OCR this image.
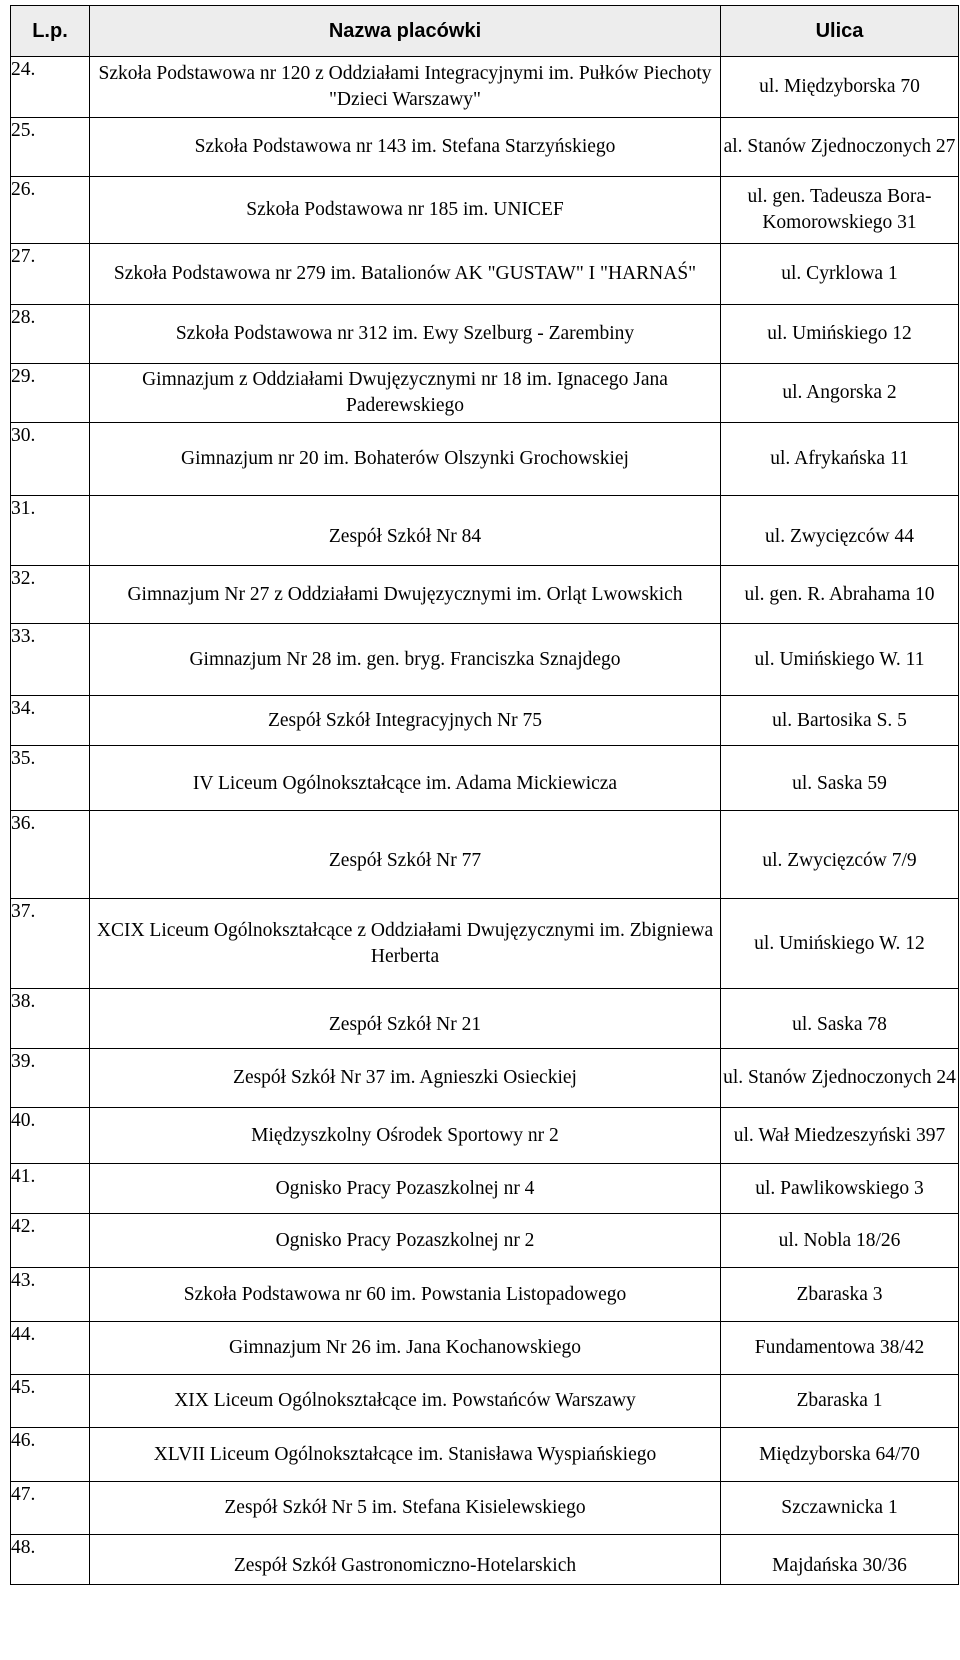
L.p.	Nazwa placówki	Ulica
24.	Szkoła Podstawowa nr 120 z Oddziałami Integracyjnymi im. Pułków Piechoty "Dzieci Warszawy"	ul. Międzyborska 70
25.	Szkoła Podstawowa nr 143 im. Stefana Starzyńskiego	al. Stanów Zjednoczonych 27
26.	Szkoła Podstawowa nr 185 im. UNICEF	ul. gen. Tadeusza Bora-Komorowskiego 31
27.	Szkoła Podstawowa nr 279 im. Batalionów AK "GUSTAW" I "HARNAŚ"	ul. Cyrklowa 1
28.	Szkoła Podstawowa nr 312 im. Ewy Szelburg - Zarembiny	ul. Umińskiego 12
29.	Gimnazjum z Oddziałami Dwujęzycznymi nr 18 im. Ignacego Jana Paderewskiego	ul. Angorska 2
30.	Gimnazjum nr 20 im. Bohaterów Olszynki Grochowskiej	ul. Afrykańska 11
31.	Zespół Szkół Nr 84	ul. Zwycięzców 44
32.	Gimnazjum Nr 27 z Oddziałami Dwujęzycznymi im. Orląt Lwowskich	ul. gen. R. Abrahama 10
33.	Gimnazjum Nr 28 im. gen. bryg. Franciszka Sznajdego	ul. Umińskiego W. 11
34.	Zespół Szkół Integracyjnych Nr 75	ul. Bartosika S. 5
35.	IV Liceum Ogólnokształcące im. Adama Mickiewicza	ul. Saska 59
36.	Zespół Szkół Nr 77	ul. Zwycięzców 7/9
37.	XCIX Liceum Ogólnokształcące z Oddziałami Dwujęzycznymi im. Zbigniewa Herberta	ul. Umińskiego W. 12
38.	Zespół Szkół Nr 21	ul. Saska 78
39.	Zespół Szkół Nr 37 im. Agnieszki Osieckiej	ul. Stanów Zjednoczonych 24
40.	Międzyszkolny Ośrodek Sportowy nr 2	ul. Wał Miedzeszyński 397
41.	Ognisko Pracy Pozaszkolnej nr 4	ul. Pawlikowskiego 3
42.	Ognisko Pracy Pozaszkolnej nr 2	ul. Nobla 18/26
43.	Szkoła Podstawowa nr 60 im. Powstania Listopadowego	Zbaraska 3
44.	Gimnazjum Nr 26 im. Jana Kochanowskiego	Fundamentowa 38/42
45.	XIX Liceum Ogólnokształcące im. Powstańców Warszawy	Zbaraska 1
46.	XLVII Liceum Ogólnokształcące im. Stanisława Wyspiańskiego	Międzyborska 64/70
47.	Zespół Szkół Nr 5 im. Stefana Kisielewskiego	Szczawnicka 1
48.	Zespół Szkół Gastronomiczno-Hotelarskich	Majdańska 30/36
